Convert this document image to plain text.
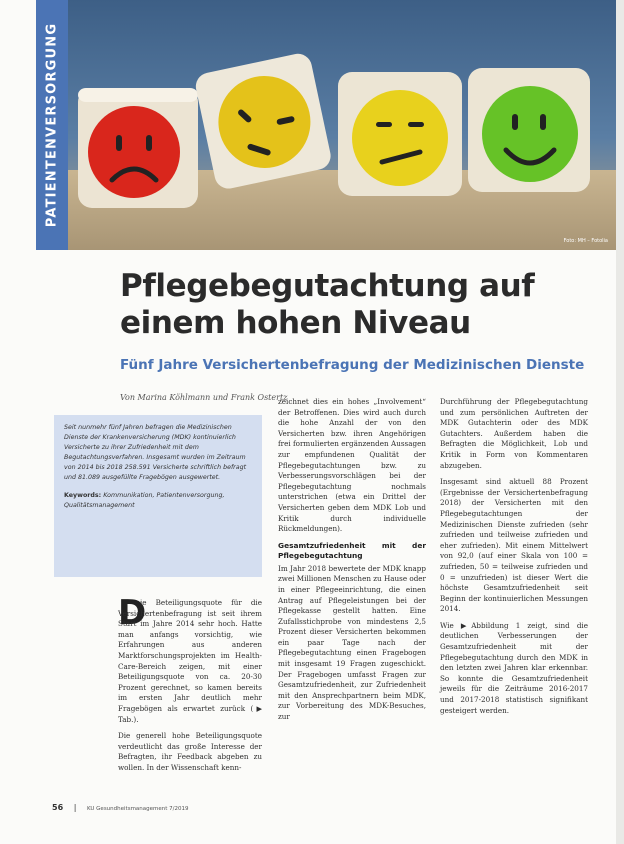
PATIENTENVERSORGUNG
Foto: MH – Fotolia
Pflegebegutachtung auf einem hohen Niveau
Fünf Jahre Versichertenbefragung der Medizinischen Dienste
Von Marina Köhlmann und Frank Ostertz

Seit nunmehr fünf Jahren befragen die Medizinischen Dienste der Krankenversicherung (MDK) kontinuierlich Versicherte zu ihrer Zufriedenheit mit dem Begutachtungsverfahren. Insgesamt wurden im Zeitraum von 2014 bis 2018 258.591 Versicherte schriftlich befragt und 81.089 ausgefüllte Fragebögen ausgewertet.

Keywords: Kommunikation, Patientenversorgung, Qualitätsmanagement

D

ie Beteiligungsquote für die Versichertenbefragung ist seit ihrem Start im Jahre 2014 sehr hoch. Hatte man anfangs vorsichtig, wie Erfahrungen aus anderen Marktforschungsprojekten im Health-Care-Bereich zeigen, mit einer Beteiligungsquote von ca. 20-30 Prozent gerechnet, so kamen bereits im ersten Jahr deutlich mehr Fragebögen als erwartet zurück (▶ Tab.).

Die generell hohe Beteiligungsquote verdeutlicht das große Interesse der Befragten, ihr Feedback abgeben zu wollen. In der Wissenschaft kenn-

zeichnet dies ein hohes „Involvement“ der Betroffenen. Dies wird auch durch die hohe Anzahl der von den Versicherten bzw. ihren Angehörigen frei formulierten ergänzenden Aussagen zur empfundenen Qualität der Pflegebegutachtungen bzw. zu Verbesserungsvorschlägen bei der Pflegebegutachtung nochmals unterstrichen (etwa ein Drittel der Versicherten geben dem MDK Lob und Kritik durch individuelle Rückmeldungen).

Gesamtzufriedenheit mit der Pflegebegutachtung

Im Jahr 2018 bewertete der MDK knapp zwei Millionen Menschen zu Hause oder in einer Pflegeeinrichtung, die einen Antrag auf Pflegeleistungen bei der Pflegekasse gestellt hatten. Eine Zufallsstichprobe von mindestens 2,5 Prozent dieser Versicherten bekommen ein paar Tage nach der Pflegebegutachtung einen Fragebogen mit insgesamt 19 Fragen zugeschickt. Der Fragebogen umfasst Fragen zur Gesamtzufriedenheit, zur Zufriedenheit mit den Ansprechpartnern beim MDK, zur Vorbereitung des MDK-Besuches, zur

Durchführung der Pflegebegutachtung und zum persönlichen Auftreten der MDK Gutachterin oder des MDK Gutachters. Außerdem haben die Befragten die Möglichkeit, Lob und Kritik in Form von Kommentaren abzugeben.

Insgesamt sind aktuell 88 Prozent (Ergebnisse der Versichertenbefragung 2018) der Versicherten mit den Pflegebegutachtungen der Medizinischen Dienste zufrieden (sehr zufrieden und teilweise zufrieden und eher zufrieden). Mit einem Mittelwert von 92,0 (auf einer Skala von 100 = zufrieden, 50 = teilweise zufrieden und 0 = unzufrieden) ist dieser Wert die höchste Gesamtzufriedenheit seit Beginn der kontinuierlichen Messungen 2014.

Wie ▶Abbildung 1 zeigt, sind die deutlichen Verbesserungen der Gesamtzufriedenheit mit der Pflegebegutachtung durch den MDK in den letzten zwei Jahren klar erkennbar. So konnte die Gesamtzufriedenheit jeweils für die Zeiträume 2016-2017 und 2017-2018 statistisch signifikant gesteigert werden.

56 | KU Gesundheitsmanagement 7/2019
